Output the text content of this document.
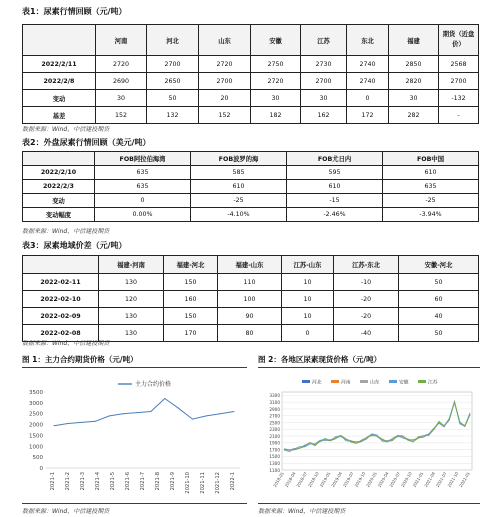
表1：尿素行情回顾（元/吨）
	河南	河北	山东	安徽	江苏	东北	福建	期货（近盘价）
2022/2/11	2720	2700	2720	2750	2730	2740	2850	2568
2022/2/8	2690	2650	2700	2720	2700	2740	2820	2700
变动	30	50	20	30	30	0	30	-132
基差	152	132	152	182	162	172	282	-
数据来源：Wind，中信建投期货
表2：外盘尿素行情回顾（美元/吨）
	FOB阿拉伯海湾	FOB波罗的海	FOB尤日内	FOB中国
2022/2/10	635	585	595	610
2022/2/3	635	610	610	635
变动	0	-25	-15	-25
变动幅度	0.00%	-4.10%	-2.46%	-3.94%
数据来源：Wind，中信建投期货
表3：尿素地域价差（元/吨）
	福建-河南	福建-河北	福建-山东	江苏-山东	江苏-东北	安徽-河北
2022-02-11	130	150	110	10	-10	50
2022-02-10	120	160	100	10	-20	60
2022-02-09	130	150	90	10	-20	40
2022-02-08	130	170	80	0	-40	50
数据来源：Wind，中信建投期货
图 1：主力合约期货价格（元/吨）	图 2：各地区尿素现货价格（元/吨）
0
500
1000
1500
2000
2500
3000
3500
主力合约价格
2021-1 2021-2 2021-3 2021-4 2021-5 2021-6 2021-7 2021-8 2021-9 2021-10 2021-11 2021-12 2022-1
1100
1300
1500
1700
1900
2100
2300
2500
2700
2900
3100
3300
河北	河南	山东	安徽	江苏
2018-01
2018-04
2018-07
2018-10
2019-01
2019-04
2019-07
2019-10
2020-01
2020-04
2020-07
2020-10
2021-01
2021-04
2021-07
2021-10
2022-01
数据来源：Wind，中信建投期货	数据来源：Wind，中信建投期货
